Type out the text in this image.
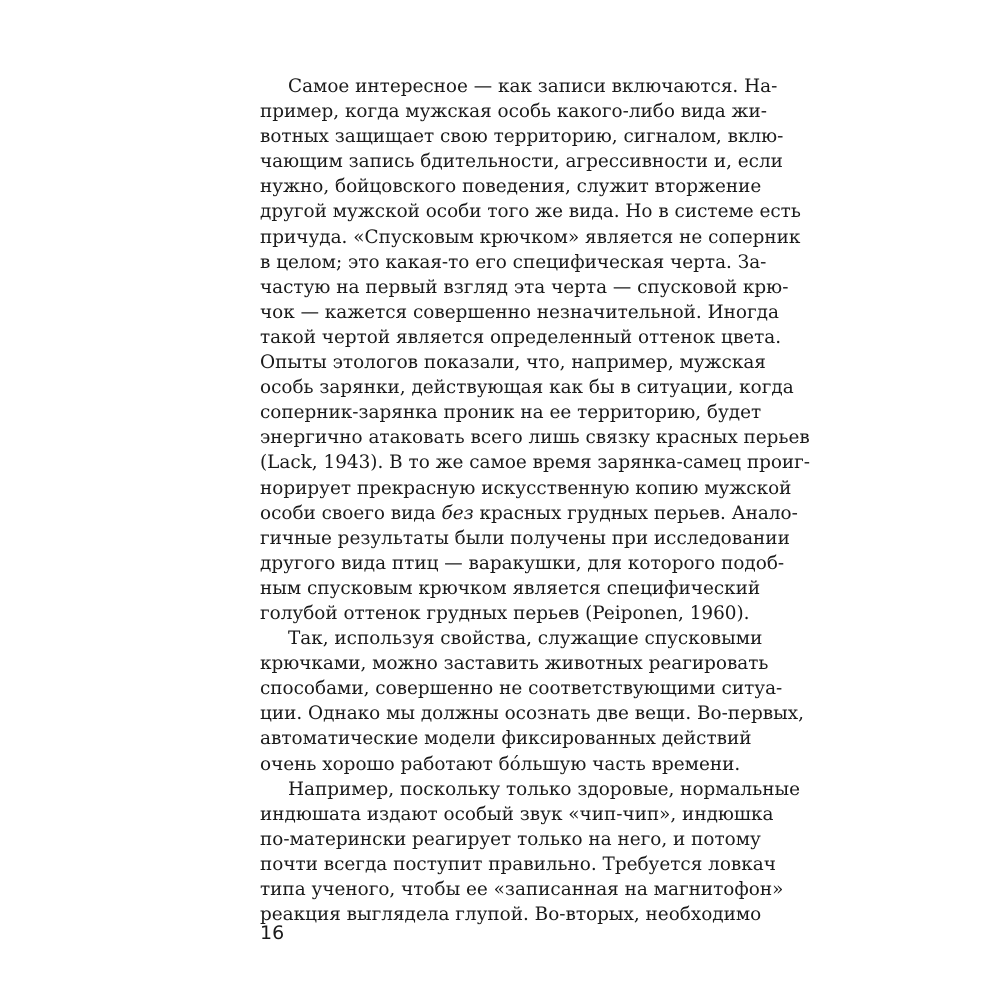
Самое интересное — как записи включаются. На-
пример, когда мужская особь какого-либо вида жи-
вотных защищает свою территорию, сигналом, вклю-
чающим запись бдительности, агрессивности и, если
нужно, бойцовского поведения, служит вторжение
другой мужской особи того же вида. Но в системе есть
причуда. «Спусковым крючком» является не соперник
в целом; это какая-то его специфическая черта. За-
частую на первый взгляд эта черта — спусковой крю-
чок — кажется совершенно незначительной. Иногда
такой чертой является определенный оттенок цвета.
Опыты этологов показали, что, например, мужская
особь зарянки, действующая как бы в ситуации, когда
соперник-зарянка проник на ее территорию, будет
энергично атаковать всего лишь связку красных перьев
(Lack, 1943). В то же самое время зарянка-самец проиг-
норирует прекрасную искусственную копию мужской
особи своего вида без красных грудных перьев. Анало-
гичные результаты были получены при исследовании
другого вида птиц — варакушки, для которого подоб-
ным спусковым крючком является специфический
голубой оттенок грудных перьев (Peiponen, 1960).
Так, используя свойства, служащие спусковыми
крючками, можно заставить животных реагировать
способами, совершенно не соответствующими ситуа-
ции. Однако мы должны осознать две вещи. Во-первых,
автоматические модели фиксированных действий
очень хорошо работают бóльшую часть времени.
Например, поскольку только здоровые, нормальные
индюшата издают особый звук «чип-чип», индюшка
по-матерински реагирует только на него, и потому
почти всегда поступит правильно. Требуется ловкач
типа ученого, чтобы ее «записанная на магнитофон»
реакция выглядела глупой. Во-вторых, необходимо
16
